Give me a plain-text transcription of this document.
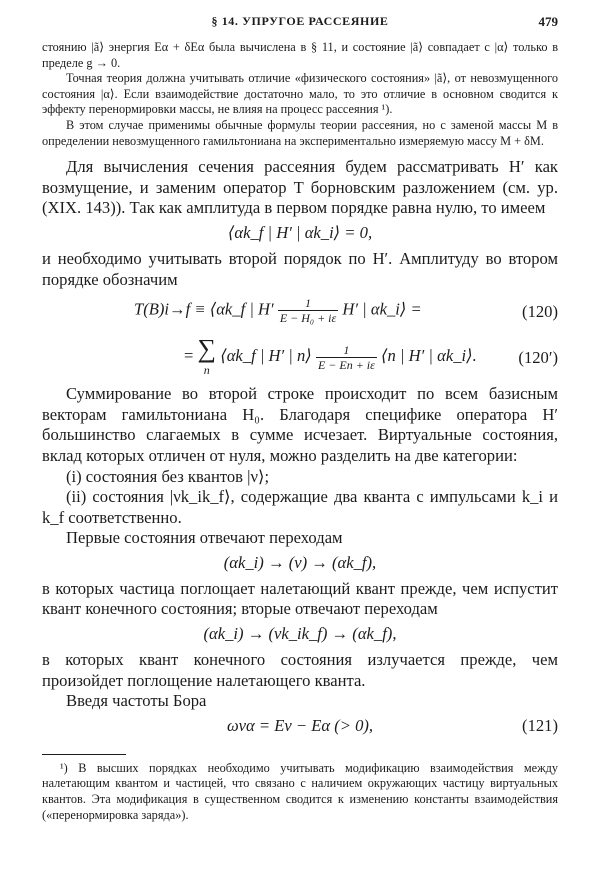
§ 14. УПРУГОЕ РАССЕЯНИЕ	479

стоянию |ã⟩ энергия Eα + δEα была вычислена в § 11, и состояние |ã⟩ совпадает с |α⟩ только в пределе g → 0.

Точная теория должна учитывать отличие «физического состояния» |ã⟩, от невозмущенного состояния |α⟩. Если взаимодействие достаточно мало, то это отличие в основном сводится к эффекту перенормировки массы, не влияя на процесс рассеяния ¹).

В этом случае применимы обычные формулы теории рассеяния, но с заменой массы M в определении невозмущенного гамильтониана на экспериментально измеряемую массу M + δM.

Для вычисления сечения рассеяния будем рассматривать H′ как возмущение, и заменим оператор T борновским разложением (см. ур. (XIX. 143)). Так как амплитуда в первом порядке равна нулю, то имеем

⟨αk_f | H′ | αk_i⟩ = 0,

и необходимо учитывать второй порядок по H′. Амплитуду во втором порядке обозначим

T(B)i→f ≡ ⟨αk_f | $H' \frac{1}{\text{E − H₀ + iε}} H'$ | αk_i⟩ =	(120)
= ∑
n
⟨αk_f | H′ | n⟩ $\frac{1}{E - En + i\varepsilon}$ ⟨n | H′ | αk_i⟩.	(120′)

Суммирование во второй строке происходит по всем базисным векторам гамильтониана H₀. Благодаря специфике оператора H′ большинство слагаемых в сумме исчезает. Виртуальные состояния, вклад которых отличен от нуля, можно разделить на две категории:

(i) состояния без квантов |ν⟩;

(ii) состояния |νk_ik_f⟩, содержащие два кванта с импульсами k_i и k_f соответственно.

Первые состояния отвечают переходам

(αk_i) → (ν) → (αk_f),

в которых частица поглощает налетающий квант прежде, чем испустит квант конечного состояния; вторые отвечают переходам

(αk_i) → (νk_ik_f) → (αk_f),

в которых квант конечного состояния излучается прежде, чем произойдет поглощение налетающего кванта.

Введя частоты Бора

ωνα = Eν − Eα (> 0),	(121)

¹) В высших порядках необходимо учитывать модификацию взаимодействия между налетающим квантом и частицей, что связано с наличием окружающих частицу виртуальных квантов. Эта модификация в существенном сводится к изменению константы взаимодействия («перенормировка заряда»).
